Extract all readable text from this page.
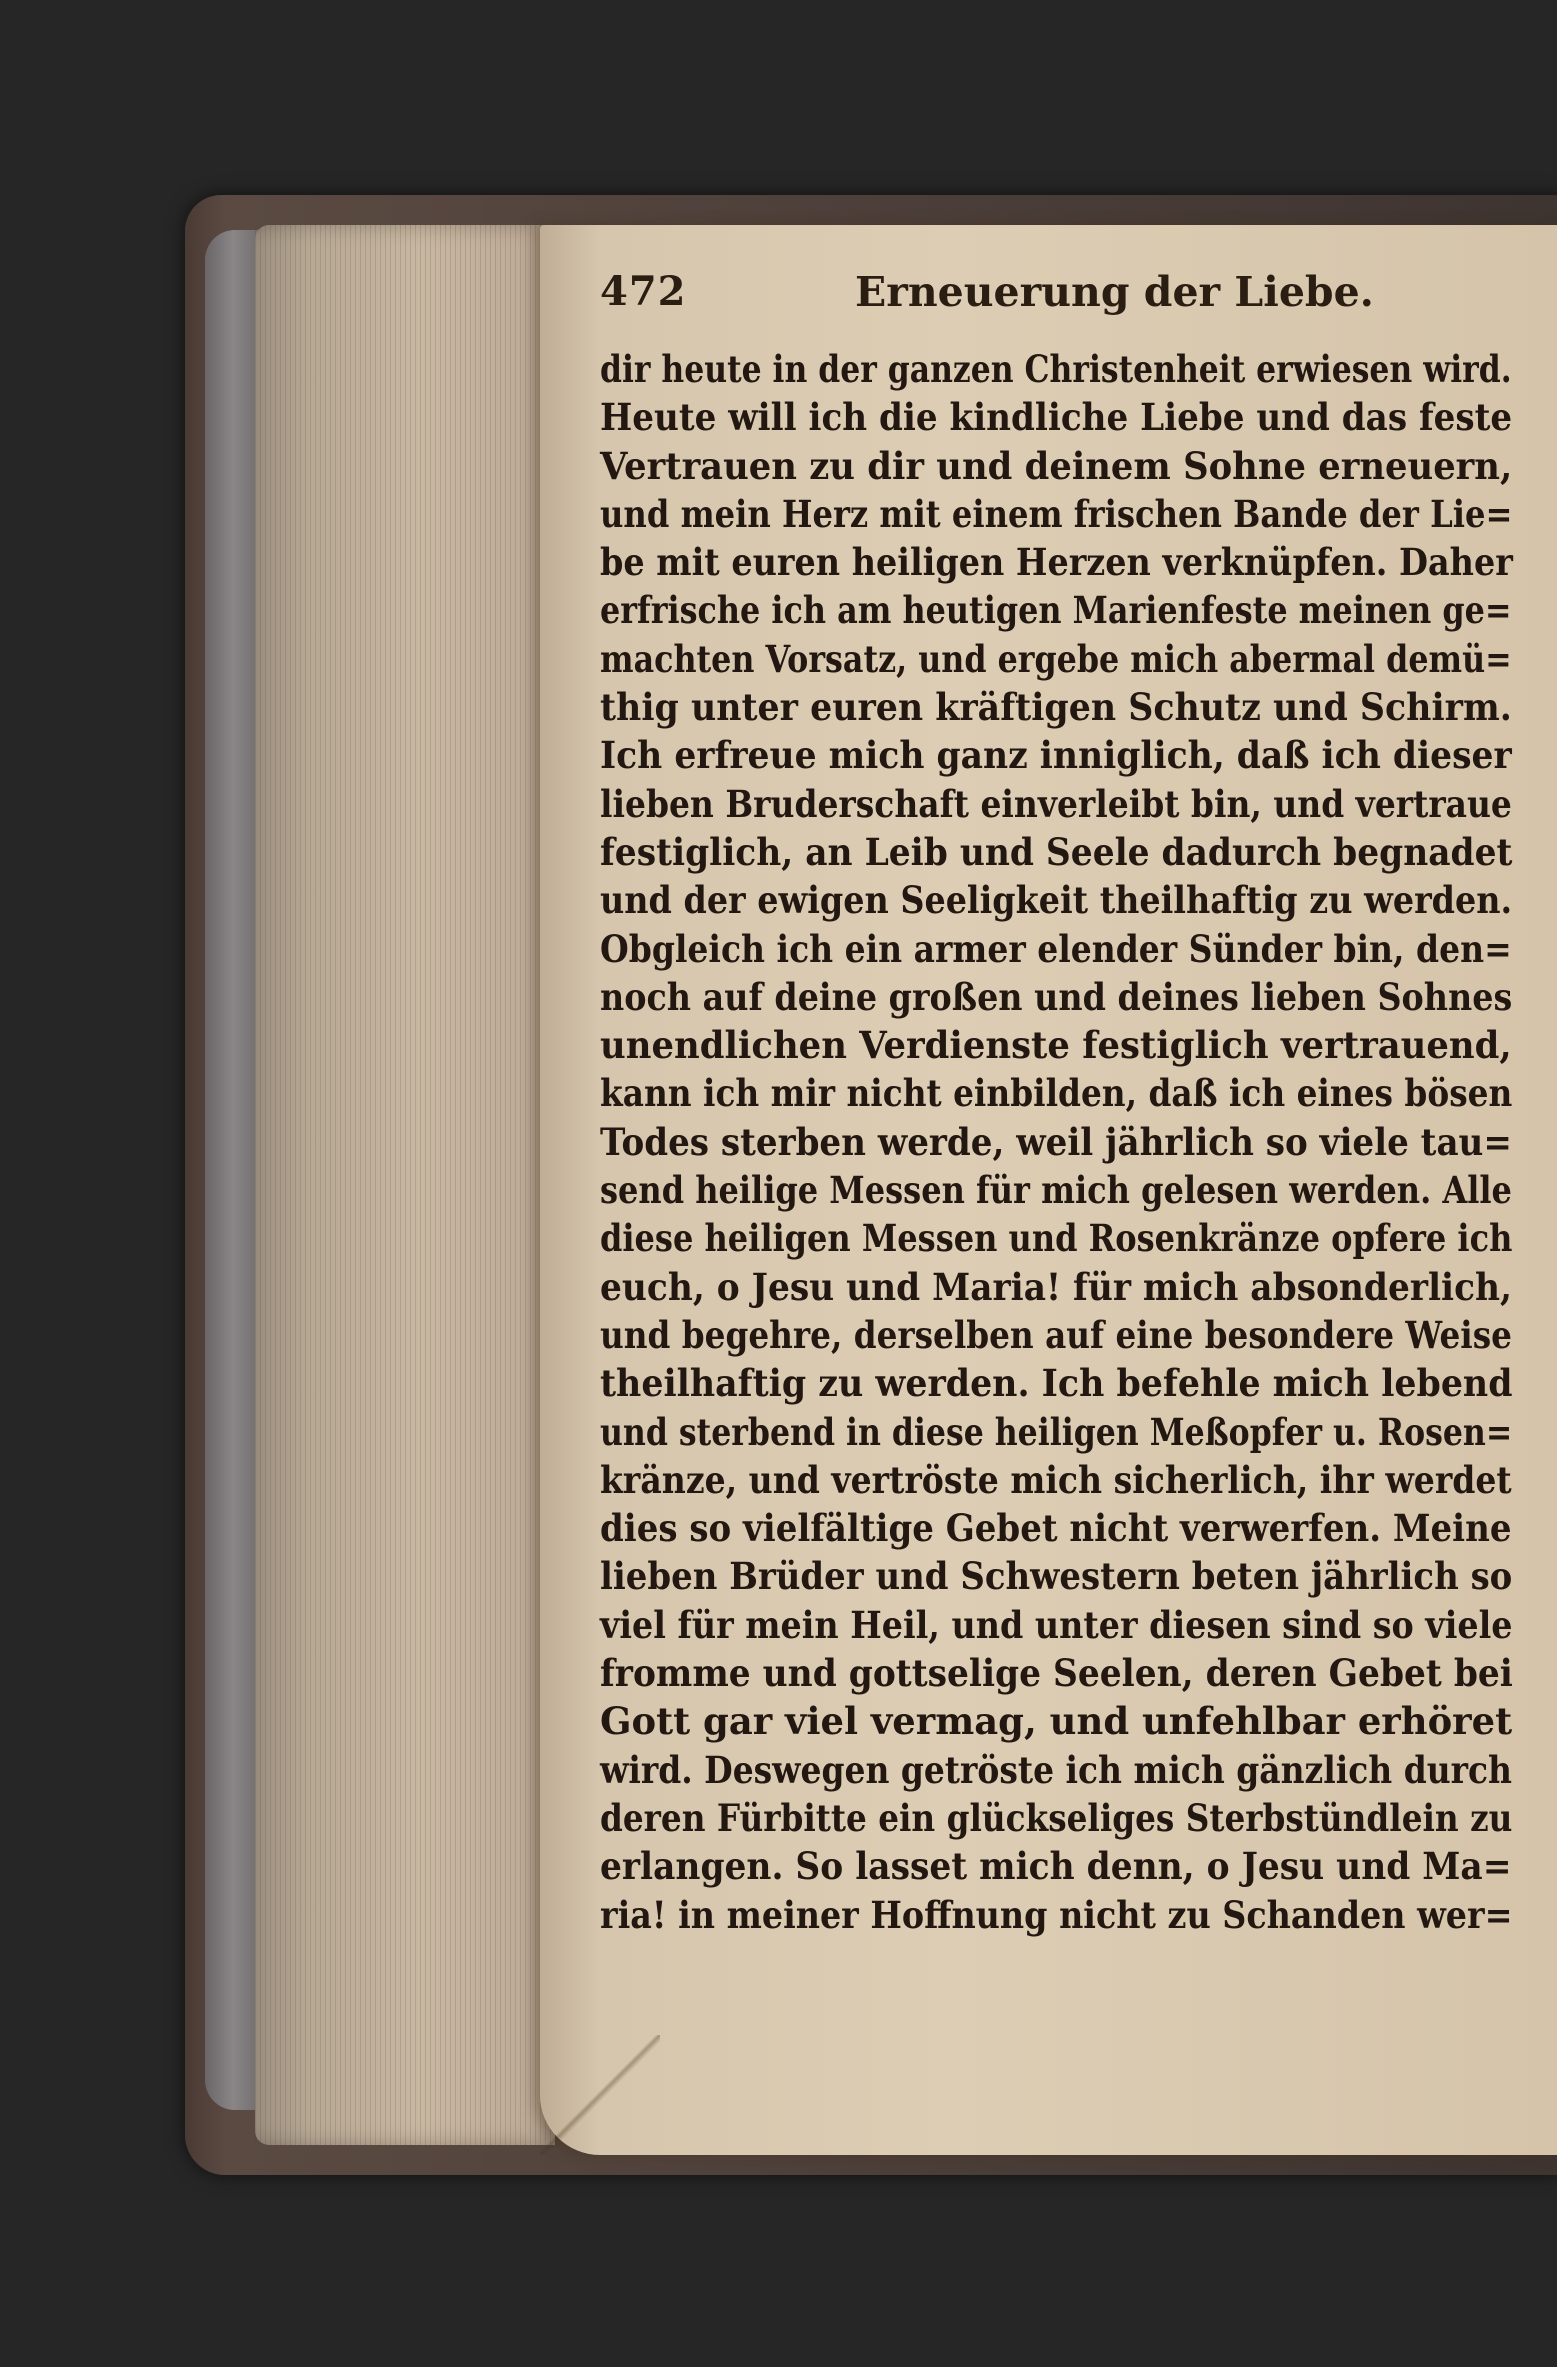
472	Erneuerung der Liebe.
dir heute in der ganzen Christenheit erwiesen wird.
Heute will ich die kindliche Liebe und das feste
Vertrauen zu dir und deinem Sohne erneuern,
und mein Herz mit einem frischen Bande der Lie=
be mit euren heiligen Herzen verknüpfen. Daher
erfrische ich am heutigen Marienfeste meinen ge=
machten Vorsatz, und ergebe mich abermal demü=
thig unter euren kräftigen Schutz und Schirm.
Ich erfreue mich ganz inniglich, daß ich dieser
lieben Bruderschaft einverleibt bin, und vertraue
festiglich, an Leib und Seele dadurch begnadet
und der ewigen Seeligkeit theilhaftig zu werden.
Obgleich ich ein armer elender Sünder bin, den=
noch auf deine großen und deines lieben Sohnes
unendlichen Verdienste festiglich vertrauend,
kann ich mir nicht einbilden, daß ich eines bösen
Todes sterben werde, weil jährlich so viele tau=
send heilige Messen für mich gelesen werden. Alle
diese heiligen Messen und Rosenkränze opfere ich
euch, o Jesu und Maria! für mich absonderlich,
und begehre, derselben auf eine besondere Weise
theilhaftig zu werden. Ich befehle mich lebend
und sterbend in diese heiligen Meßopfer u. Rosen=
kränze, und vertröste mich sicherlich, ihr werdet
dies so vielfältige Gebet nicht verwerfen. Meine
lieben Brüder und Schwestern beten jährlich so
viel für mein Heil, und unter diesen sind so viele
fromme und gottselige Seelen, deren Gebet bei
Gott gar viel vermag, und unfehlbar erhöret
wird. Deswegen getröste ich mich gänzlich durch
deren Fürbitte ein glückseliges Sterbstündlein zu
erlangen. So lasset mich denn, o Jesu und Ma=
ria! in meiner Hoffnung nicht zu Schanden wer=
